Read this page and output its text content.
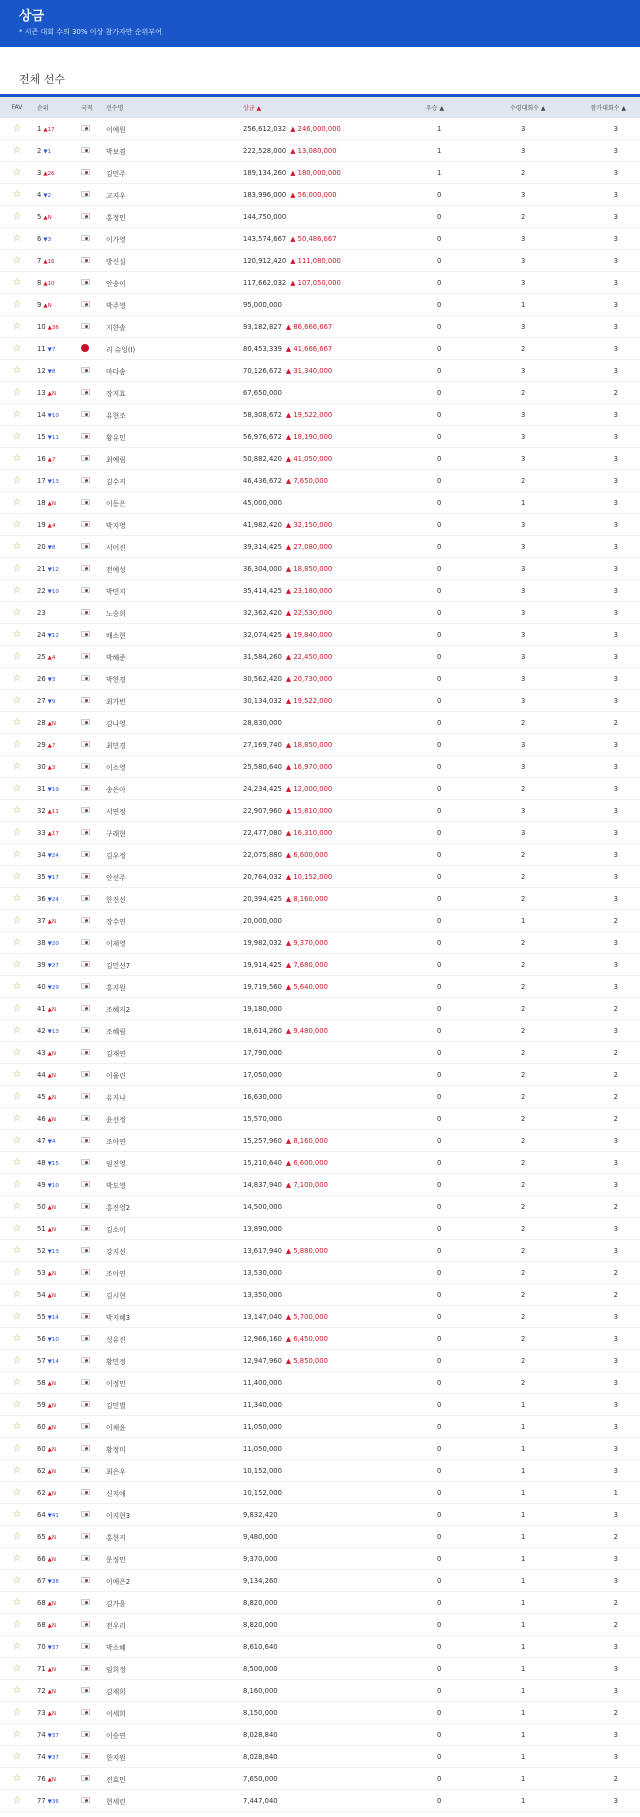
상금
* 시즌 대회 수의 30% 이상 참가자만 순위부여
전체 선수
FAV	순위	국적	선수명	상금 ▲	우승 ▲	수령대회수 ▲	참가대회수 ▲
☆	1 ▲17	이예원	256,612,032 ▲ 246,000,000	1	3	3
☆	2 ▼1	박보겸	222,528,000 ▲ 13,080,000	1	3	3
☆	3 ▲26	김민주	189,134,260 ▲ 180,000,000	1	2	3
☆	4 ▼2	고지우	183,996,000 ▲ 56,000,000	0	3	3
☆	5 ▲N	홍정민	144,750,000	0	2	3
☆	6 ▼3	이가영	143,574,667 ▲ 50,486,667	0	3	3
☆	7 ▲16	방신실	120,912,420 ▲ 111,080,000	0	3	3
☆	8 ▲10	안송이	117,662,032 ▲ 107,050,000	0	3	3
☆	9 ▲N	박주영	95,000,000	0	1	3
☆	10 ▲36	지한솔	93,182,827 ▲ 86,666,667	0	3	3
☆	11 ▼7	리 슈잉(I)	80,453,339 ▲ 41,666,667	0	2	3
☆	12 ▼8	마다솜	70,126,672 ▲ 31,340,000	0	3	3
☆	13 ▲N	장지효	67,650,000	0	2	2
☆	14 ▼10	유현조	58,308,672 ▲ 19,522,000	0	3	3
☆	15 ▼11	황유민	56,976,672 ▲ 18,190,000	0	3	3
☆	16 ▲7	최예림	50,882,420 ▲ 41,050,000	0	3	3
☆	17 ▼13	김수지	46,436,672 ▲ 7,650,000	0	2	3
☆	18 ▲N	이동은	45,000,000	0	1	3
☆	19 ▲4	박지영	41,982,420 ▲ 32,150,000	0	3	3
☆	20 ▼8	서어진	39,314,425 ▲ 27,080,000	0	3	3
☆	21 ▼12	전예성	36,304,000 ▲ 18,850,000	0	3	3
☆	22 ▼10	박민지	35,414,425 ▲ 23,180,000	0	3	3
☆	23	노승희	32,362,420 ▲ 22,530,000	0	3	3
☆	24 ▼12	배소현	32,074,425 ▲ 19,840,000	0	3	3
☆	25 ▲4	박혜준	31,584,260 ▲ 22,450,000	0	3	3
☆	26 ▼3	박현경	30,562,420 ▲ 20,730,000	0	3	3
☆	27 ▼9	최가빈	30,134,032 ▲ 19,522,000	0	3	3
☆	28 ▲N	김나영	28,830,000	0	2	2
☆	29 ▲7	최민경	27,169,740 ▲ 18,850,000	0	3	3
☆	30 ▲3	이소영	25,580,640 ▲ 16,970,000	0	3	3
☆	31 ▼19	송은아	24,234,425 ▲ 12,000,000	0	2	3
☆	32 ▲11	서연정	22,907,960 ▲ 15,810,000	0	3	3
☆	33 ▲17	구래현	22,477,080 ▲ 16,310,000	0	3	3
☆	34 ▼24	김우정	22,075,880 ▲ 6,600,000	0	2	3
☆	35 ▼17	안선주	20,764,032 ▲ 10,152,000	0	2	3
☆	36 ▼24	한진선	20,394,425 ▲ 8,160,000	0	2	3
☆	37 ▲N	장수연	20,000,000	0	1	2
☆	38 ▼20	이제영	19,982,032 ▲ 9,370,000	0	2	3
☆	39 ▼27	김민선7	19,914,425 ▲ 7,680,000	0	2	3
☆	40 ▼29	홍지원	19,719,560 ▲ 5,640,000	0	2	3
☆	41 ▲N	조혜지2	19,180,000	0	2	2
☆	42 ▼13	조혜림	18,614,260 ▲ 9,480,000	0	2	3
☆	43 ▲N	김재연	17,790,000	0	2	2
☆	44 ▲N	이율린	17,050,000	0	2	2
☆	45 ▲N	유지나	16,630,000	0	2	2
☆	46 ▲N	윤선정	15,570,000	0	2	2
☆	47 ▼4	조아연	15,257,960 ▲ 8,160,000	0	2	3
☆	48 ▼15	임진영	15,210,640 ▲ 6,600,000	0	2	3
☆	49 ▼10	박도영	14,837,940 ▲ 7,100,000	0	2	3
☆	50 ▲N	홍진영2	14,500,000	0	2	2
☆	51 ▲N	김소이	13,890,000	0	2	3
☆	52 ▼13	강지선	13,617,940 ▲ 5,880,000	0	2	3
☆	53 ▲N	조아연	13,530,000	0	2	2
☆	54 ▲N	김시현	13,350,000	0	2	2
☆	55 ▼14	박지혜3	13,147,040 ▲ 5,700,000	0	2	3
☆	56 ▼10	성유진	12,966,160 ▲ 6,450,000	0	2	3
☆	57 ▼14	황민정	12,947,960 ▲ 5,850,000	0	2	3
☆	58 ▲N	이정민	11,400,000	0	2	3
☆	59 ▲N	김민별	11,340,000	0	1	3
☆	60 ▲N	이채윤	11,050,000	0	1	3
☆	60 ▲N	황정미	11,050,000	0	1	3
☆	62 ▲N	최은우	10,152,000	0	1	3
☆	62 ▲N	신지애	10,152,000	0	1	1
☆	64 ▼41	이지현3	9,832,420	0	1	3
☆	65 ▲N	홍현지	9,480,000	0	1	2
☆	66 ▲N	문정민	9,370,000	0	1	3
☆	67 ▼38	이예은2	9,134,260	0	1	3
☆	68 ▲N	김가을	8,820,000	0	1	2
☆	68 ▲N	전우리	8,820,000	0	1	2
☆	70 ▼37	박소혜	8,610,640	0	1	3
☆	71 ▲N	임희정	8,500,000	0	1	3
☆	72 ▲N	김재희	8,160,000	0	1	3
☆	73 ▲N	이세희	8,150,000	0	1	2
☆	74 ▼37	이승연	8,028,840	0	1	3
☆	74 ▼37	한지원	8,028,840	0	1	3
☆	76 ▲N	전효민	7,650,000	0	1	2
☆	77 ▼36	현세린	7,447,040	0	1	3
